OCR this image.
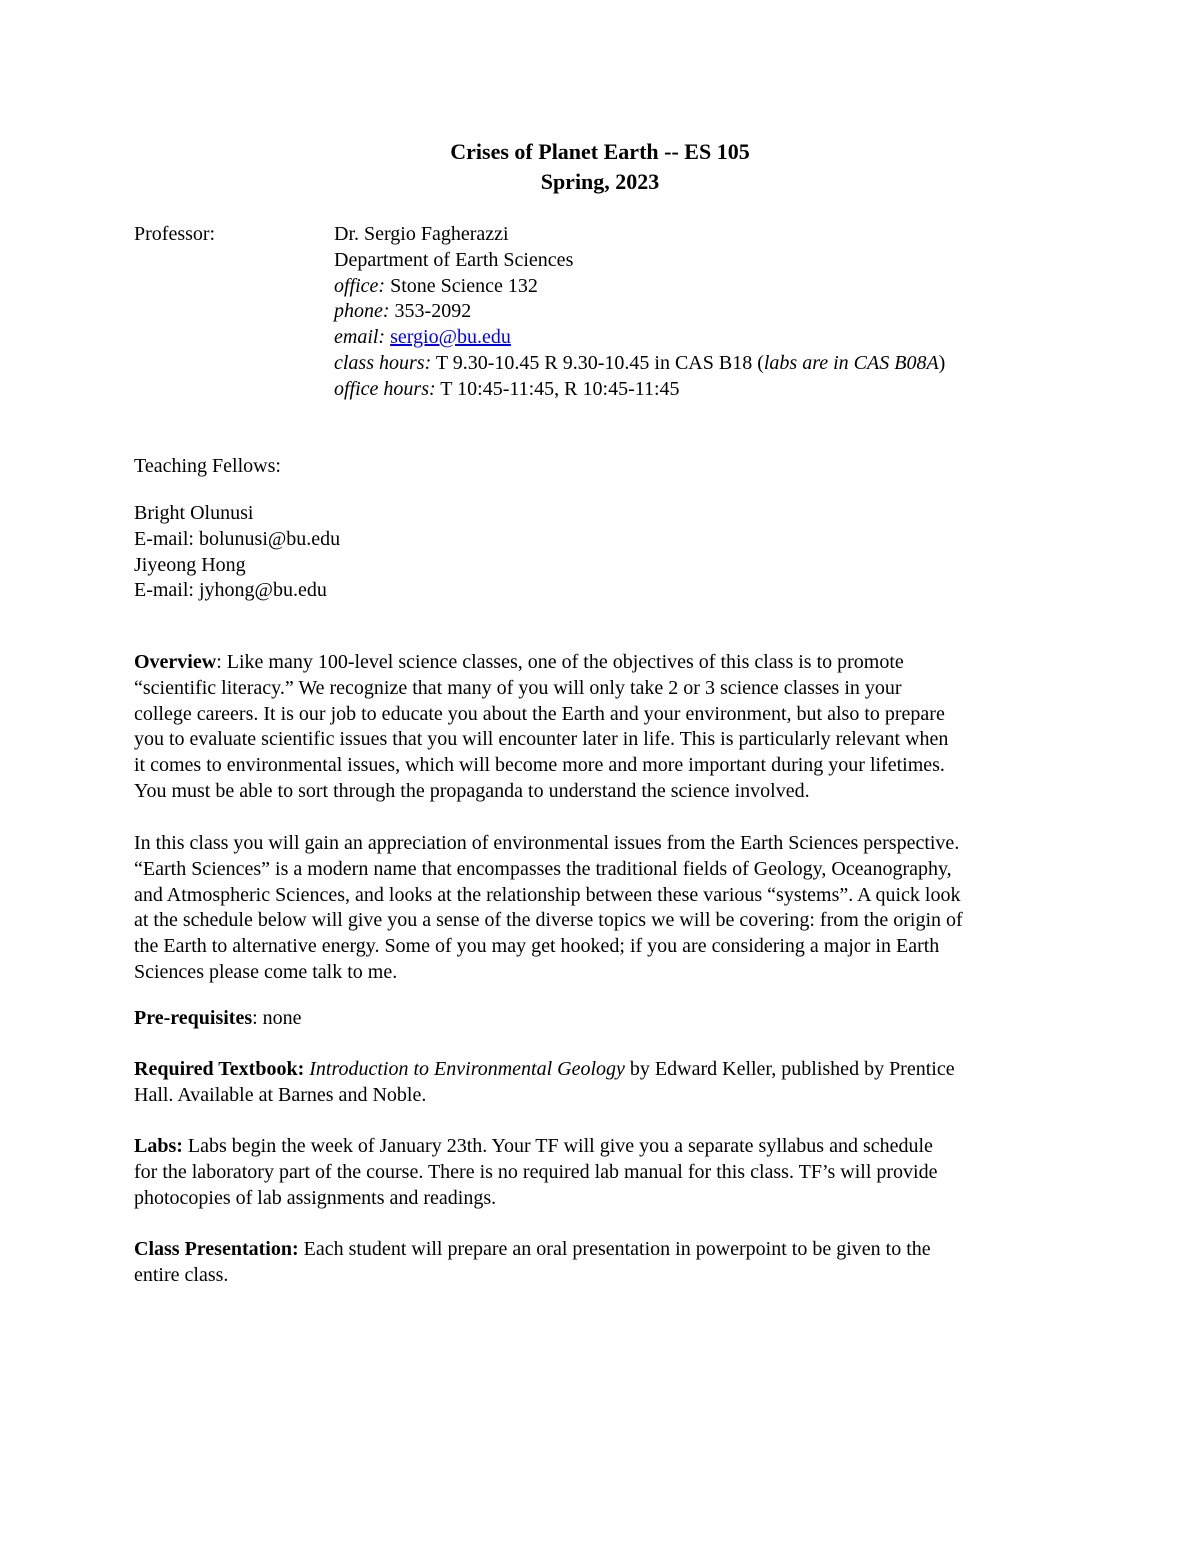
Crises of Planet Earth -- ES 105
Spring, 2023
Professor:	Dr. Sergio Fagherazzi
Department of Earth Sciences
office: Stone Science 132
phone: 353-2092
email: sergio@bu.edu
class hours: T 9.30-10.45 R 9.30-10.45 in CAS B18 (labs are in CAS B08A)
office hours: T 10:45-11:45, R 10:45-11:45
Teaching Fellows:
Bright Olunusi
E-mail: bolunusi@bu.edu
Jiyeong Hong
E-mail: jyhong@bu.edu
Overview: Like many 100-level science classes, one of the objectives of this class is to promote
“scientific literacy.” We recognize that many of you will only take 2 or 3 science classes in your
college careers. It is our job to educate you about the Earth and your environment, but also to prepare
you to evaluate scientific issues that you will encounter later in life. This is particularly relevant when
it comes to environmental issues, which will become more and more important during your lifetimes.
You must be able to sort through the propaganda to understand the science involved.
In this class you will gain an appreciation of environmental issues from the Earth Sciences perspective.
“Earth Sciences” is a modern name that encompasses the traditional fields of Geology, Oceanography,
and Atmospheric Sciences, and looks at the relationship between these various “systems”. A quick look
at the schedule below will give you a sense of the diverse topics we will be covering: from the origin of
the Earth to alternative energy. Some of you may get hooked; if you are considering a major in Earth
Sciences please come talk to me.
Pre-requisites: none
Required Textbook: Introduction to Environmental Geology by Edward Keller, published by Prentice
Hall. Available at Barnes and Noble.
Labs: Labs begin the week of January 23th. Your TF will give you a separate syllabus and schedule
for the laboratory part of the course. There is no required lab manual for this class. TF’s will provide
photocopies of lab assignments and readings.
Class Presentation: Each student will prepare an oral presentation in powerpoint to be given to the
entire class.
